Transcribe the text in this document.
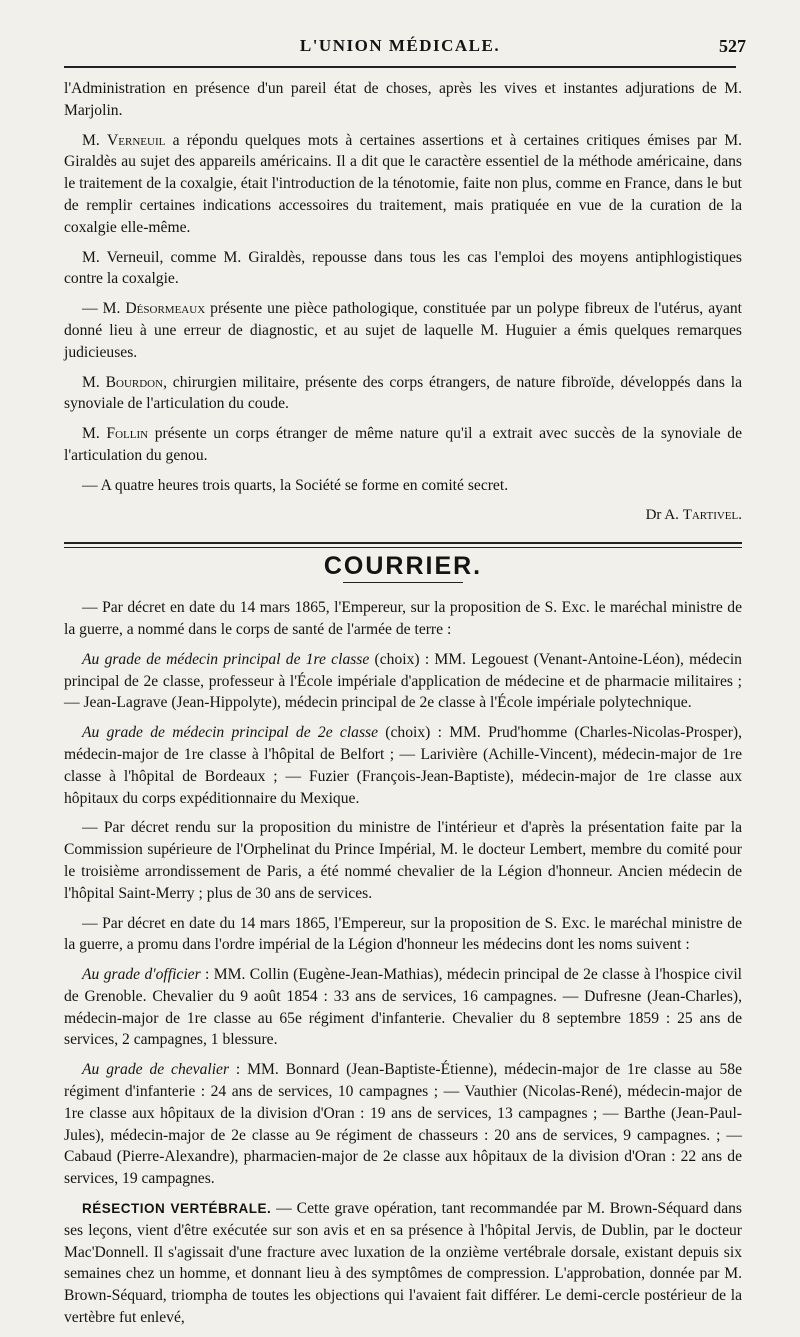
L'UNION MÉDICALE.	527

l'Administration en présence d'un pareil état de choses, après les vives et instantes adjurations de M. Marjolin.

M. Verneuil a répondu quelques mots à certaines assertions et à certaines critiques émises par M. Giraldès au sujet des appareils américains. Il a dit que le caractère essentiel de la méthode américaine, dans le traitement de la coxalgie, était l'introduction de la ténotomie, faite non plus, comme en France, dans le but de remplir certaines indications accessoires du traitement, mais pratiquée en vue de la curation de la coxalgie elle-même.

M. Verneuil, comme M. Giraldès, repousse dans tous les cas l'emploi des moyens antiphlogistiques contre la coxalgie.

— M. Désormeaux présente une pièce pathologique, constituée par un polype fibreux de l'utérus, ayant donné lieu à une erreur de diagnostic, et au sujet de laquelle M. Huguier a émis quelques remarques judicieuses.

M. Bourdon, chirurgien militaire, présente des corps étrangers, de nature fibroïde, développés dans la synoviale de l'articulation du coude.

M. Follin présente un corps étranger de même nature qu'il a extrait avec succès de la synoviale de l'articulation du genou.

— A quatre heures trois quarts, la Société se forme en comité secret.

Dr A. Tartivel.
COURRIER.

— Par décret en date du 14 mars 1865, l'Empereur, sur la proposition de S. Exc. le maréchal ministre de la guerre, a nommé dans le corps de santé de l'armée de terre :

Au grade de médecin principal de 1re classe (choix) : MM. Legouest (Venant-Antoine-Léon), médecin principal de 2e classe, professeur à l'École impériale d'application de médecine et de pharmacie militaires ; — Jean-Lagrave (Jean-Hippolyte), médecin principal de 2e classe à l'École impériale polytechnique.

Au grade de médecin principal de 2e classe (choix) : MM. Prud'homme (Charles-Nicolas-Prosper), médecin-major de 1re classe à l'hôpital de Belfort ; — Larivière (Achille-Vincent), médecin-major de 1re classe à l'hôpital de Bordeaux ; — Fuzier (François-Jean-Baptiste), médecin-major de 1re classe aux hôpitaux du corps expéditionnaire du Mexique.

— Par décret rendu sur la proposition du ministre de l'intérieur et d'après la présentation faite par la Commission supérieure de l'Orphelinat du Prince Impérial, M. le docteur Lembert, membre du comité pour le troisième arrondissement de Paris, a été nommé chevalier de la Légion d'honneur. Ancien médecin de l'hôpital Saint-Merry ; plus de 30 ans de services.

— Par décret en date du 14 mars 1865, l'Empereur, sur la proposition de S. Exc. le maréchal ministre de la guerre, a promu dans l'ordre impérial de la Légion d'honneur les médecins dont les noms suivent :

Au grade d'officier : MM. Collin (Eugène-Jean-Mathias), médecin principal de 2e classe à l'hospice civil de Grenoble. Chevalier du 9 août 1854 : 33 ans de services, 16 campagnes. — Dufresne (Jean-Charles), médecin-major de 1re classe au 65e régiment d'infanterie. Chevalier du 8 septembre 1859 : 25 ans de services, 2 campagnes, 1 blessure.

Au grade de chevalier : MM. Bonnard (Jean-Baptiste-Étienne), médecin-major de 1re classe au 58e régiment d'infanterie : 24 ans de services, 10 campagnes ; — Vauthier (Nicolas-René), médecin-major de 1re classe aux hôpitaux de la division d'Oran : 19 ans de services, 13 campagnes ; — Barthe (Jean-Paul-Jules), médecin-major de 2e classe au 9e régiment de chasseurs : 20 ans de services, 9 campagnes. ; — Cabaud (Pierre-Alexandre), pharmacien-major de 2e classe aux hôpitaux de la division d'Oran : 22 ans de services, 19 campagnes.

RÉSECTION VERTÉBRALE. — Cette grave opération, tant recommandée par M. Brown-Séquard dans ses leçons, vient d'être exécutée sur son avis et en sa présence à l'hôpital Jervis, de Dublin, par le docteur Mac'Donnell. Il s'agissait d'une fracture avec luxation de la onzième vertébrale dorsale, existant depuis six semaines chez un homme, et donnant lieu à des symptômes de compression. L'approbation, donnée par M. Brown-Séquard, triompha de toutes les objections qui l'avaient fait différer. Le demi-cercle postérieur de la vertèbre fut enlevé,
